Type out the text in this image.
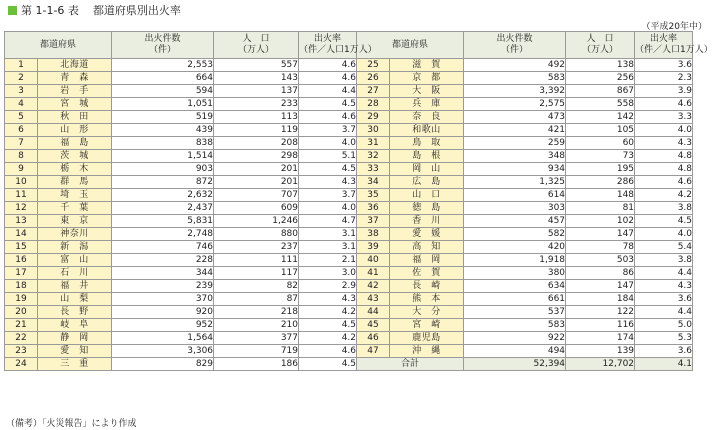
第 1-1-6 表 都道府県別出火率
（平成20年中）
都道府県		出火件数
（件）	人　口
（万人）	出火率
（件／人口1万人）	都道府県		出火件数
（件）	人　口
（万人）	出火率
（件／人口1万人）
1	北海道	2,553	557	4.6	25	滋　賀	492	138	3.6
2	青　森	664	143	4.6	26	京　都	583	256	2.3
3	岩　手	594	137	4.4	27	大　阪	3,392	867	3.9
4	宮　城	1,051	233	4.5	28	兵　庫	2,575	558	4.6
5	秋　田	519	113	4.6	29	奈　良	473	142	3.3
6	山　形	439	119	3.7	30	和歌山	421	105	4.0
7	福　島	838	208	4.0	31	鳥　取	259	60	4.3
8	茨　城	1,514	298	5.1	32	島　根	348	73	4.8
9	栃　木	903	201	4.5	33	岡　山	934	195	4.8
10	群　馬	872	201	4.3	34	広　島	1,325	286	4.6
11	埼　玉	2,632	707	3.7	35	山　口	614	148	4.2
12	千　葉	2,437	609	4.0	36	徳　島	303	81	3.8
13	東　京	5,831	1,246	4.7	37	香　川	457	102	4.5
14	神奈川	2,748	880	3.1	38	愛　媛	582	147	4.0
15	新　潟	746	237	3.1	39	高　知	420	78	5.4
16	富　山	228	111	2.1	40	福　岡	1,918	503	3.8
17	石　川	344	117	3.0	41	佐　賀	380	86	4.4
18	福　井	239	82	2.9	42	長　崎	634	147	4.3
19	山　梨	370	87	4.3	43	熊　本	661	184	3.6
20	長　野	920	218	4.2	44	大　分	537	122	4.4
21	岐　阜	952	210	4.5	45	宮　崎	583	116	5.0
22	静　岡	1,564	377	4.2	46	鹿児島	922	174	5.3
23	愛　知	3,306	719	4.6	47	沖　縄	494	139	3.6
24	三　重	829	186	4.5	合計		52,394	12,702	4.1
（備考）「火災報告」により作成
